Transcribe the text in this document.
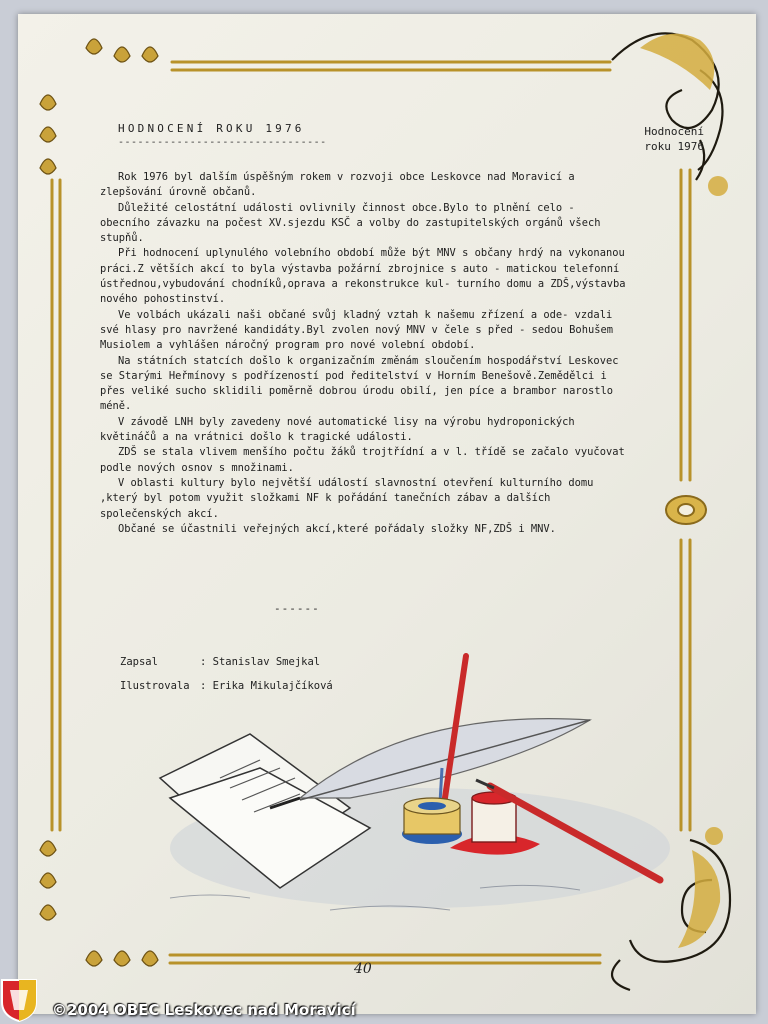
HODNOCENÍ ROKU 1976
--------------------------------
Hodnocení roku 1976

Rok 1976 byl dalším úspěšným rokem v rozvoji obce Leskovce nad Moravicí a zlepšování úrovně občanů.

Důležité celostátní události ovlivnily činnost obce.Bylo to plnění celo - obecního závazku na počest XV.sjezdu KSČ a volby do zastupitelských orgánů všech stupňů.

Při hodnocení uplynulého volebního období může být MNV s občany hrdý na vykonanou práci.Z větších akcí to byla výstavba požární zbrojnice s auto - matickou telefonní ústřednou,vybudování chodníků,oprava a rekonstrukce kul- turního domu a ZDŠ,výstavba nového pohostinství.

Ve volbách ukázali naši občané svůj kladný vztah k našemu zřízení a ode- vzdali své hlasy pro navržené kandidáty.Byl zvolen nový MNV v čele s před - sedou Bohušem Musiolem a vyhlášen náročný program pro nové volební období.

Na státních statcích došlo k organizačním změnám sloučením hospodářství Leskovec se Starými Heřmínovy s podřízeností pod ředitelství v Horním Benešově.Zemědělci i přes veliké sucho sklidili poměrně dobrou úrodu obilí, jen píce a brambor narostlo méně.

V závodě LNH byly zavedeny nové automatické lisy na výrobu hydroponických květináčů a na vrátnici došlo k tragické události.

ZDŠ se stala vlivem menšího počtu žáků trojtřídní a v l. třídě se začalo vyučovat podle nových osnov s množinami.

V oblasti kultury bylo největší událostí slavnostní otevření kulturního domu ,který byl potom využit složkami NF k pořádání tanečních zábav a dalších společenských akcí.

Občané se účastnili veřejných akcí,které pořádaly složky NF,ZDŠ i MNV.

------
Zapsal	: Stanislav Smejkal
Ilustrovala : Erika Mikulajčíková
40
©2004 OBEC Leskovec nad Moravicí
